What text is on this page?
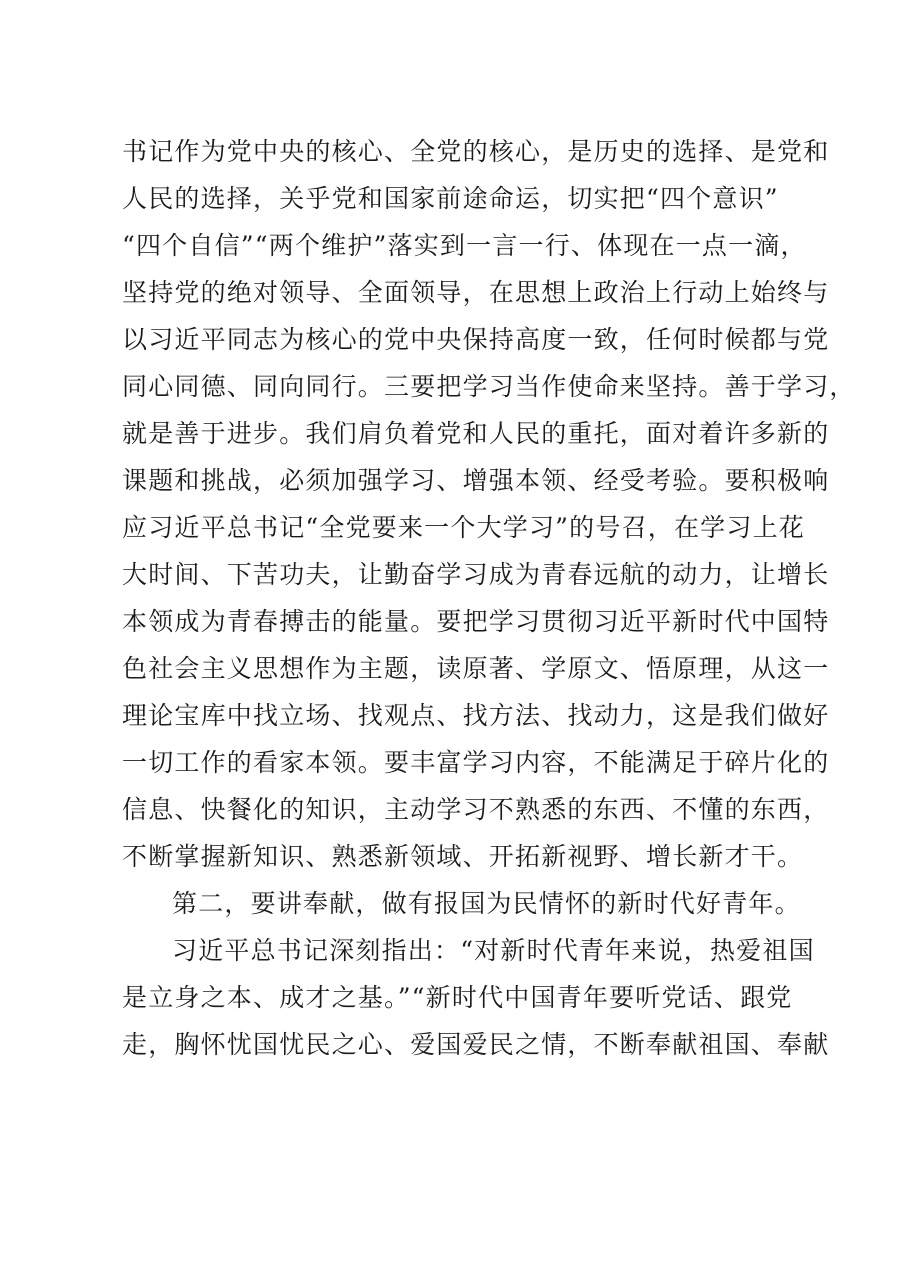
书记作为党中央的核心、全党的核心，是历史的选择、是党和
人民的选择，关乎党和国家前途命运，切实把“四个意识”
“四个自信”“两个维护”落实到一言一行、体现在一点一滴，
坚持党的绝对领导、全面领导，在思想上政治上行动上始终与
以习近平同志为核心的党中央保持高度一致，任何时候都与党
同心同德、同向同行。三要把学习当作使命来坚持。善于学习，
就是善于进步。我们肩负着党和人民的重托，面对着许多新的
课题和挑战，必须加强学习、增强本领、经受考验。要积极响
应习近平总书记“全党要来一个大学习”的号召，在学习上花
大时间、下苦功夫，让勤奋学习成为青春远航的动力，让增长
本领成为青春搏击的能量。要把学习贯彻习近平新时代中国特
色社会主义思想作为主题，读原著、学原文、悟原理，从这一
理论宝库中找立场、找观点、找方法、找动力，这是我们做好
一切工作的看家本领。要丰富学习内容，不能满足于碎片化的
信息、快餐化的知识，主动学习不熟悉的东西、不懂的东西，
不断掌握新知识、熟悉新领域、开拓新视野、增长新才干。
第二，要讲奉献，做有报国为民情怀的新时代好青年。
习近平总书记深刻指出：“对新时代青年来说，热爱祖国
是立身之本、成才之基。”“新时代中国青年要听党话、跟党
走，胸怀忧国忧民之心、爱国爱民之情，不断奉献祖国、奉献
